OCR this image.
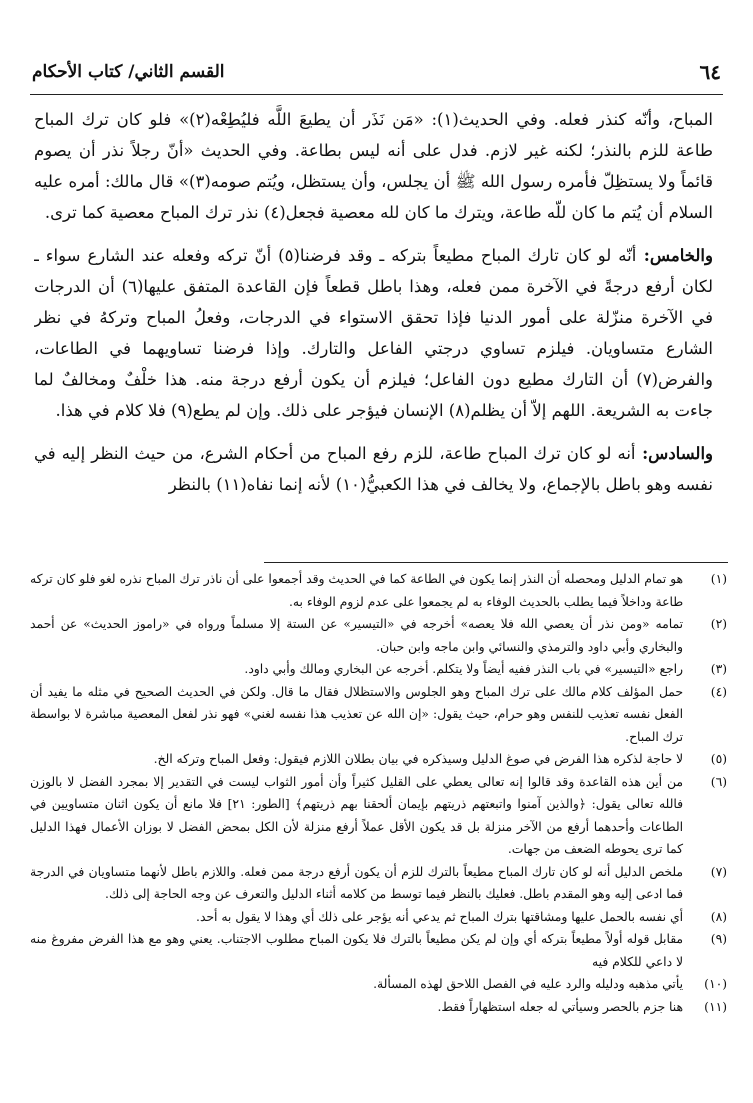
٦٤
القسم الثاني/ كتاب الأحكام

المباح، وأنّه كنذر فعله. وفي الحديث(١): «مَن نَذَر أن يطيعَ اللَّه فليُطِعْه(٢)» فلو كان ترك المباح طاعة للزم بالنذر؛ لكنه غير لازم. فدل على أنه ليس بطاعة. وفي الحديث «أنّ رجلاً نذر أن يصوم قائماً ولا يستظِلّ فأمره رسول الله ﷺ أن يجلس، وأن يستظل، ويُتم صومه(٣)» قال مالك: أمره عليه السلام أن يُتم ما كان للّه طاعة، ويترك ما كان لله معصية فجعل(٤) نذر ترك المباح معصية كما ترى.

والخامس: أنّه لو كان تارك المباح مطيعاً بتركه ـ وقد فرضنا(٥) أنّ تركه وفعله عند الشارع سواء ـ لكان أرفع درجةً في الآخرة ممن فعله، وهذا باطل قطعاً فإن القاعدة المتفق عليها(٦) أن الدرجات في الآخرة منزّلة على أمور الدنيا فإذا تحقق الاستواء في الدرجات، وفعلُ المباح وتركهُ في نظر الشارع متساويان. فيلزم تساوي درجتي الفاعل والتارك. وإذا فرضنا تساويهما في الطاعات، والفرض(٧) أن التارك مطيع دون الفاعل؛ فيلزم أن يكون أرفع درجة منه. هذا خلْفٌ ومخالفٌ لما جاءت به الشريعة. اللهم إلاّ أن يظلم(٨) الإنسان فيؤجر على ذلك. وإن لم يطع(٩) فلا كلام في هذا.

والسادس: أنه لو كان ترك المباح طاعة، للزم رفع المباح من أحكام الشرع، من حيث النظر إليه في نفسه وهو باطل بالإجماع، ولا يخالف في هذا الكعبيُّ(١٠) لأنه إنما نفاه(١١) بالنظر

(١)
هو تمام الدليل ومحصله أن النذر إنما يكون في الطاعة كما في الحديث وقد أجمعوا على أن ناذر ترك المباح نذره لغو فلو كان تركه طاعة وداخلاً فيما يطلب بالحديث الوفاء به لم يجمعوا على عدم لزوم الوفاء به.
(٢)
تمامه «ومن نذر أن يعصي الله فلا يعصه» أخرجه في «التيسير» عن الستة إلا مسلماً ورواه في «راموز الحديث» عن أحمد والبخاري وأبي داود والترمذي والنسائي وابن ماجه وابن حبان.
(٣)
راجع «التيسير» في باب النذر ففيه أيضاً ولا يتكلم. أخرجه عن البخاري ومالك وأبي داود.
(٤)
حمل المؤلف كلام مالك على ترك المباح وهو الجلوس والاستظلال فقال ما قال. ولكن في الحديث الصحيح في مثله ما يفيد أن الفعل نفسه تعذيب للنفس وهو حرام، حيث يقول: «إن الله عن تعذيب هذا نفسه لغني» فهو نذر لفعل المعصية مباشرة لا بواسطة ترك المباح.
(٥)
لا حاجة لذكره هذا الفرض في صوغ الدليل وسيذكره في بيان بطلان اللازم فيقول: وفعل المباح وتركه الخ.
(٦)
من أين هذه القاعدة وقد قالوا إنه تعالى يعطي على القليل كثيراً وأن أمور الثواب ليست في التقدير إلا بمجرد الفضل لا بالوزن فالله تعالى يقول: ﴿والذين آمنوا واتبعتهم ذريتهم بإيمان ألحقنا بهم ذريتهم﴾ [الطور: ٢١] فلا مانع أن يكون اثنان متساويين في الطاعات وأحدهما أرفع من الآخر منزلة بل قد يكون الأقل عملاً أرفع منزلة لأن الكل بمحض الفضل لا بوزان الأعمال فهذا الدليل كما ترى يحوطه الضعف من جهات.
(٧)
ملخص الدليل أنه لو كان تارك المباح مطيعاً بالترك للزم أن يكون أرفع درجة ممن فعله. واللازم باطل لأنهما متساويان في الدرجة فما ادعى إليه وهو المقدم باطل. فعليك بالنظر فيما توسط من كلامه أثناء الدليل والتعرف عن وجه الحاجة إلى ذلك.
(٨)
أي نفسه بالحمل عليها ومشاقتها بترك المباح ثم يدعي أنه يؤجر على ذلك أي وهذا لا يقول به أحد.
(٩)
مقابل قوله أولاً مطيعاً بتركه أي وإن لم يكن مطيعاً بالترك فلا يكون المباح مطلوب الاجتناب. يعني وهو مع هذا الفرض مفروغ منه لا داعي للكلام فيه
(١٠)
يأتي مذهبه ودليله والرد عليه في الفصل اللاحق لهذه المسألة.
(١١)
هنا جزم بالحصر وسيأتي له جعله استظهاراً فقط.
